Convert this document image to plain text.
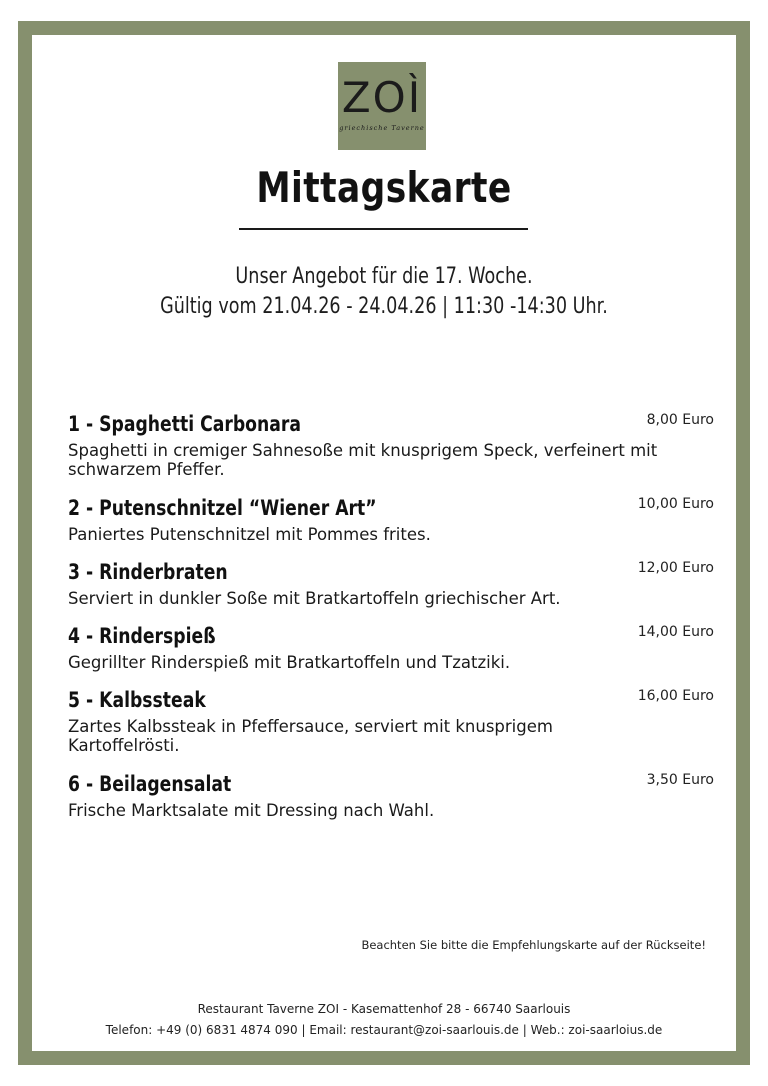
ZOÌ
griechische Taverne
Mittagskarte
Unser Angebot für die 17. Woche.
Gültig vom 21.04.26 - 24.04.26 | 11:30 -14:30 Uhr.
1 - Spaghetti Carbonara	8,00 Euro
Spaghetti in cremiger Sahnesoße mit knusprigem Speck, verfeinert mit schwarzem Pfeffer.
2 - Putenschnitzel “Wiener Art”	10,00 Euro
Paniertes Putenschnitzel mit Pommes frites.
3 - Rinderbraten	12,00 Euro
Serviert in dunkler Soße mit Bratkartoffeln griechischer Art.
4 - Rinderspieß	14,00 Euro
Gegrillter Rinderspieß mit Bratkartoffeln und Tzatziki.
5 - Kalbssteak	16,00 Euro
Zartes Kalbssteak in Pfeffersauce, serviert mit knusprigem Kartoffelrösti.
6 - Beilagensalat	3,50 Euro
Frische Marktsalate mit Dressing nach Wahl.
Beachten Sie bitte die Empfehlungskarte auf der Rückseite!
Restaurant Taverne ZOI - Kasemattenhof 28 - 66740 Saarlouis
Telefon: +49 (0) 6831 4874 090 | Email: restaurant@zoi-saarlouis.de | Web.: zoi-saarloius.de
